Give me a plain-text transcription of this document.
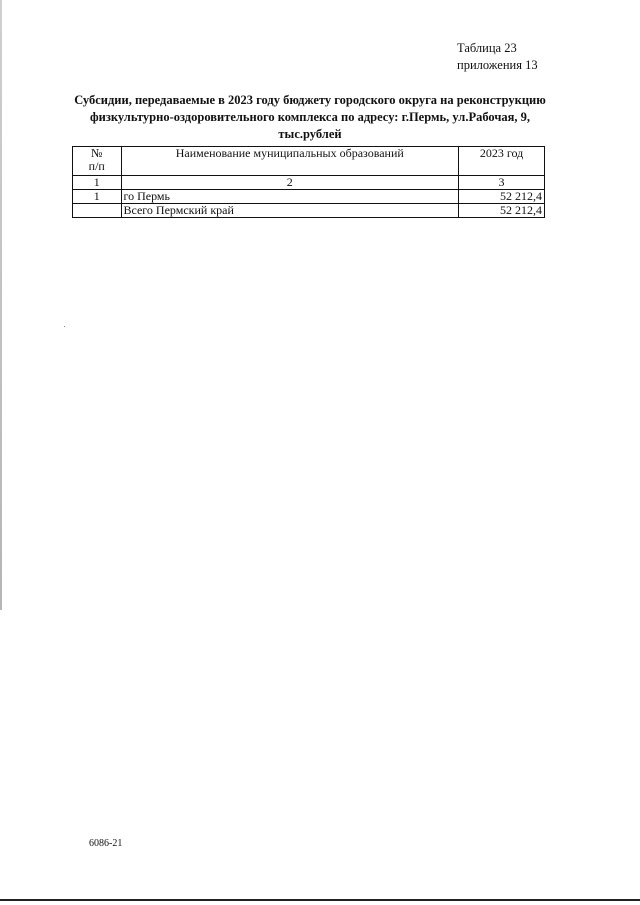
Таблица 23
приложения 13
Субсидии, передаваемые в 2023 году бюджету городского округа на реконструкцию
физкультурно-оздоровительного комплекса по адресу: г.Пермь, ул.Рабочая, 9, тыс.рублей
№
п/п	Наименование муниципальных образований	2023 год
1	2	3
1	го Пермь	52 212,4
	Всего Пермский край	52 212,4
6086-21
